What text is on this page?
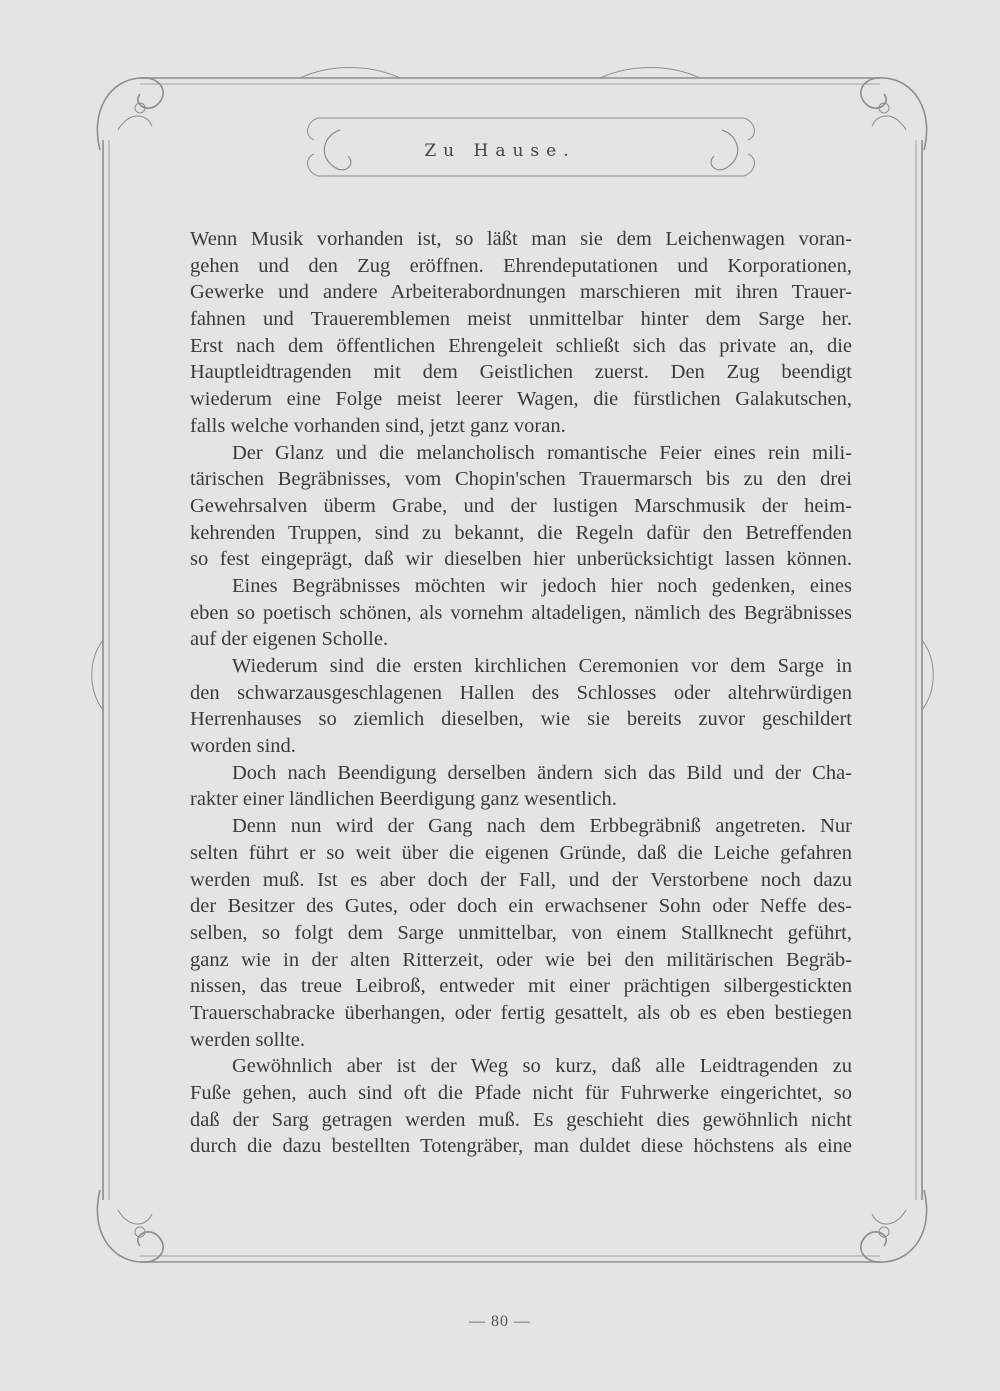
Zu Hause.
Wenn Musik vorhanden ist, so läßt man sie dem Leichenwagen voran-
gehen und den Zug eröffnen. Ehrendeputationen und Korporationen,
Gewerke und andere Arbeiterabordnungen marschieren mit ihren Trauer-
fahnen und Traueremblemen meist unmittelbar hinter dem Sarge her.
Erst nach dem öffentlichen Ehrengeleit schließt sich das private an, die
Hauptleidtragenden mit dem Geistlichen zuerst. Den Zug beendigt
wiederum eine Folge meist leerer Wagen, die fürstlichen Galakutschen,
falls welche vorhanden sind, jetzt ganz voran.
Der Glanz und die melancholisch romantische Feier eines rein mili-
tärischen Begräbnisses, vom Chopin'schen Trauermarsch bis zu den drei
Gewehrsalven überm Grabe, und der lustigen Marschmusik der heim-
kehrenden Truppen, sind zu bekannt, die Regeln dafür den Betreffenden
so fest eingeprägt, daß wir dieselben hier unberücksichtigt lassen können.
Eines Begräbnisses möchten wir jedoch hier noch gedenken, eines
eben so poetisch schönen, als vornehm altadeligen, nämlich des Begräbnisses
auf der eigenen Scholle.
Wiederum sind die ersten kirchlichen Ceremonien vor dem Sarge in
den schwarzausgeschlagenen Hallen des Schlosses oder altehrwürdigen
Herrenhauses so ziemlich dieselben, wie sie bereits zuvor geschildert
worden sind.
Doch nach Beendigung derselben ändern sich das Bild und der Cha-
rakter einer ländlichen Beerdigung ganz wesentlich.
Denn nun wird der Gang nach dem Erbbegräbniß angetreten. Nur
selten führt er so weit über die eigenen Gründe, daß die Leiche gefahren
werden muß. Ist es aber doch der Fall, und der Verstorbene noch dazu
der Besitzer des Gutes, oder doch ein erwachsener Sohn oder Neffe des-
selben, so folgt dem Sarge unmittelbar, von einem Stallknecht geführt,
ganz wie in der alten Ritterzeit, oder wie bei den militärischen Begräb-
nissen, das treue Leibroß, entweder mit einer prächtigen silbergestickten
Trauerschabracke überhangen, oder fertig gesattelt, als ob es eben bestiegen
werden sollte.
Gewöhnlich aber ist der Weg so kurz, daß alle Leidtragenden zu
Fuße gehen, auch sind oft die Pfade nicht für Fuhrwerke eingerichtet, so
daß der Sarg getragen werden muß. Es geschieht dies gewöhnlich nicht
durch die dazu bestellten Totengräber, man duldet diese höchstens als eine
— 80 —
